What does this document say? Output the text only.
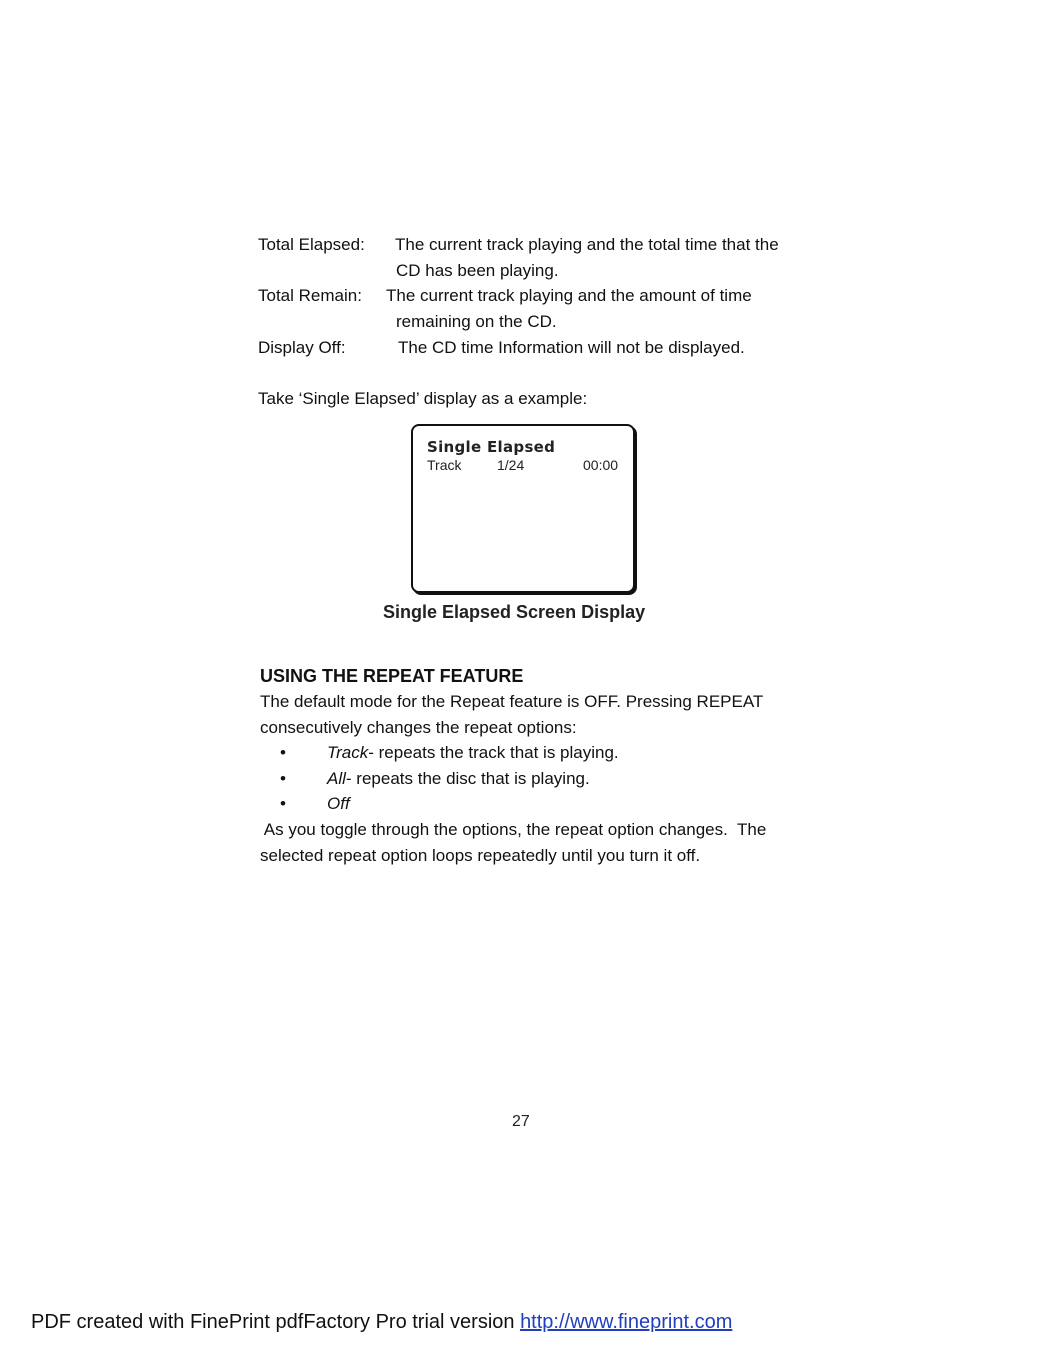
Total Elapsed: The current track playing and the total time that the
CD has been playing.
Total Remain: The current track playing and the amount of time
remaining on the CD.
Display Off:	The CD time Information will not be displayed.
Take ‘Single Elapsed’ display as a example:
Single Elapsed
Track	1/24	00:00
Single Elapsed Screen Display
USING THE REPEAT FEATURE
The default mode for the Repeat feature is OFF. Pressing REPEAT
consecutively changes the repeat options:
• Track- repeats the track that is playing.
• All- repeats the disc that is playing.
• Off
As you toggle through the options, the repeat option changes.  The
selected repeat option loops repeatedly until you turn it off.
27
PDF created with FinePrint pdfFactory Pro trial version http://www.fineprint.com
